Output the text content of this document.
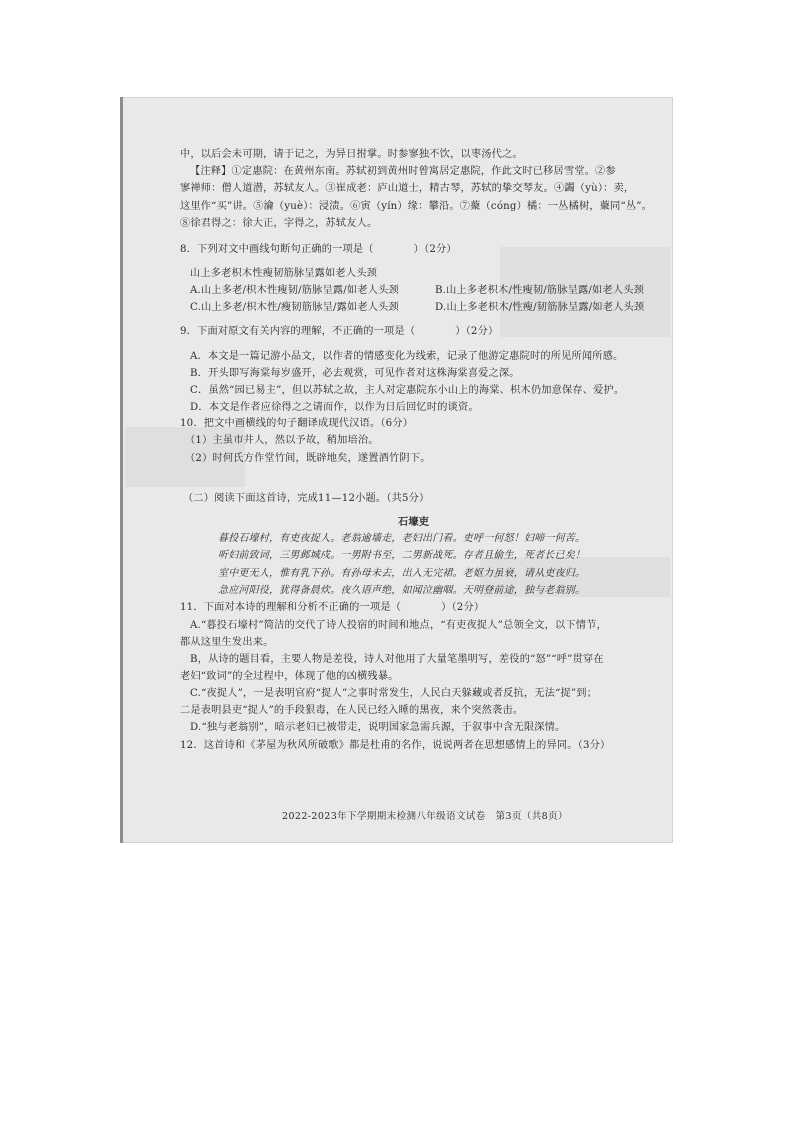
中，以后会未可期，请于记之，为异日拊掌。时参寥独不饮，以枣汤代之。
【注释】①定惠院：在黄州东南。苏轼初到黄州时曾寓居定惠院，作此文时已移居雪堂。②参
寥禅师：僧人道潜，苏轼友人。③崔成老：庐山道士，精古琴，苏轼的挚交琴友。④蠲（yù）：卖，
这里作“买”讲。⑤瀹（yuè）：浸渍。⑥寅（yín）缘：攀沿。⑦藂（cóng）橘：一丛橘树，藂同“丛”。
⑧徐君得之：徐大正，字得之，苏轼友人。
8．下列对文中画线句断句正确的一项是（	）（2分）
山上多老枳木性瘦韧筋脉呈露如老人头颈
A.山上多老/枳木性瘦韧/筋脉呈露/如老人头颈	B.山上多老枳木/性瘦韧/筋脉呈露/如老人头颈
C.山上多老/枳木性/瘦韧筋脉呈/露如老人头颈	D.山上多老枳木/性瘦/韧筋脉呈露/如老人头颈
9．下面对原文有关内容的理解，不正确的一项是（	）（2分）
A．本文是一篇记游小品文，以作者的情感变化为线索，记录了他游定惠院时的所见所闻所感。
B．开头即写海棠每岁盛开，必去观赏，可见作者对这株海棠喜爱之深。
C．虽然“园已易主”，但以苏轼之故，主人对定惠院东小山上的海棠、枳木仍加意保存、爱护。
D．本文是作者应徐得之之请而作，以作为日后回忆时的谈资。
10．把文中画横线的句子翻译成现代汉语。（6分）
（1）主虽市井人，然以予故，稍加培治。
（2）时何氏方作堂竹间，既辟地矣，遂置酒竹阴下。
（二）阅读下面这首诗，完成11—12小题。（共5分）
石壕吏
暮投石壕村，有吏夜捉人。老翁逾墙走，老妇出门看。吏呼一何怒！妇啼一何苦。
听妇前致词，三男邺城戍。一男附书至，二男新战死。存者且偷生，死者长已矣！
室中更无人，惟有乳下孙。有孙母未去，出入无完裙。老妪力虽衰，请从吏夜归。
急应河阳役，犹得备晨炊。夜久语声绝，如闻泣幽咽。天明登前途，独与老翁别。
11．下面对本诗的理解和分析不正确的一项是（	）（2分）
A.“暮投石壕村”简洁的交代了诗人投宿的时间和地点，“有吏夜捉人”总领全文，以下情节，
都从这里生发出来。
B，从诗的题目看，主要人物是差役，诗人对他用了大量笔墨明写，差役的“怒”“呼”贯穿在
老妇“致词”的全过程中，体现了他的凶横残暴。
C.“夜捉人”，一是表明官府“捉人”之事时常发生，人民白天躲藏或者反抗，无法“捉”到；
二是表明县吏“捉人”的手段狠毒，在人民已经入睡的黑夜，来个突然袭击。
D.“独与老翁别”，暗示老妇已被带走，说明国家急需兵源，于叙事中含无限深情。
12．这首诗和《茅屋为秋风所破歌》都是杜甫的名作，说说两者在思想感情上的异同。（3分）
2022-2023年下学期期末检测八年级语文试卷　第3页（共8页）
